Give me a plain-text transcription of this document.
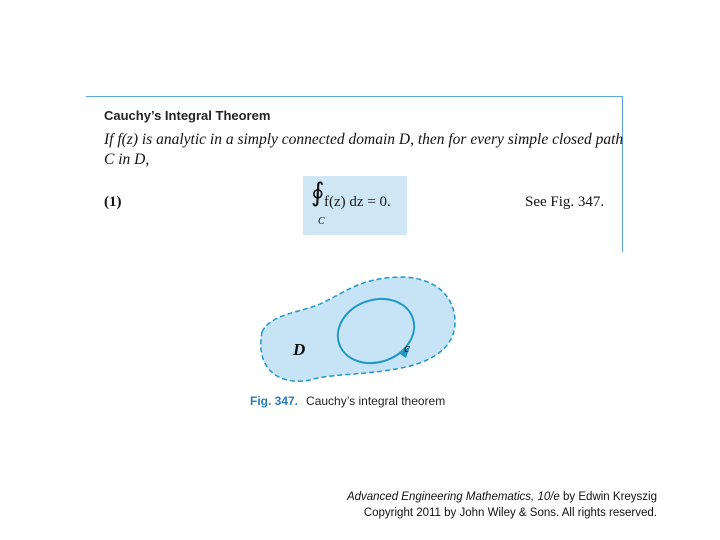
Cauchy’s Integral Theorem
If f(z) is analytic in a simply connected domain D, then for every simple closed path C in D,
(1)	∮ f(z) dz = 0.
C
See Fig. 347.
D	c
Fig. 347. Cauchy’s integral theorem
Advanced Engineering Mathematics, 10/e by Edwin Kreyszig
Copyright 2011 by John Wiley & Sons. All rights reserved.
